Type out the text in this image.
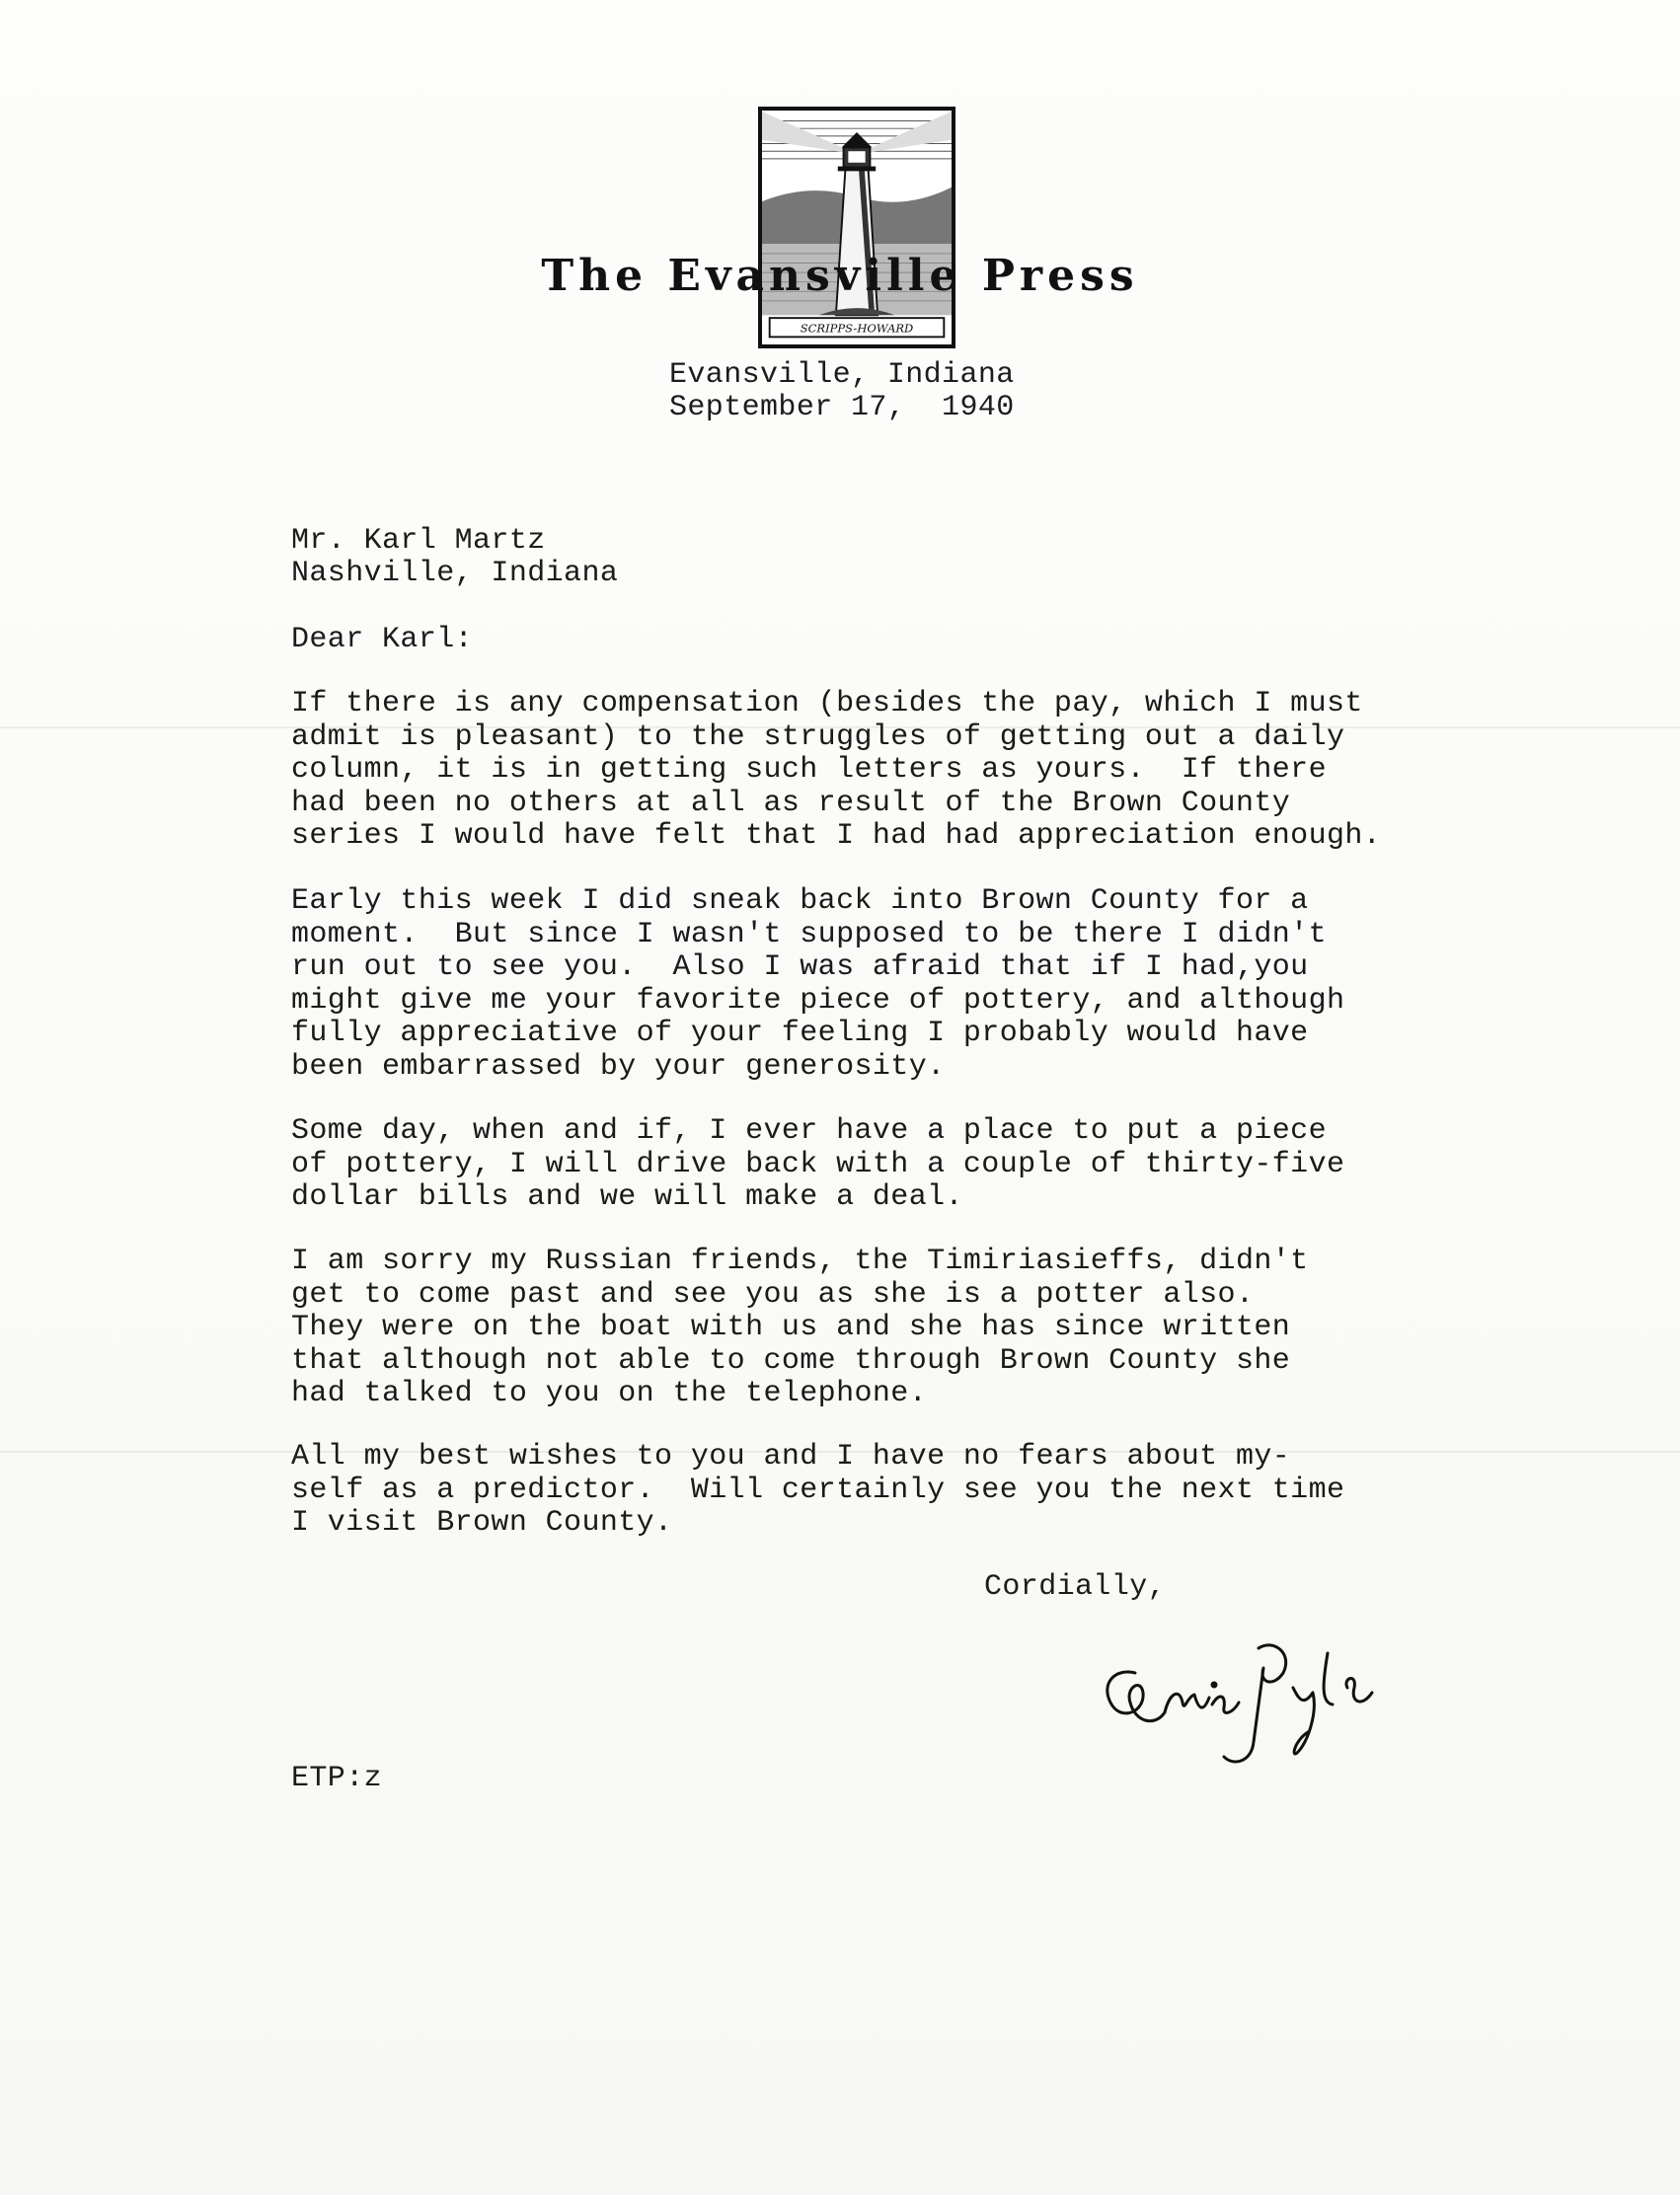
SCRIPPS-HOWARD
The Evansville Press
Evansville, Indiana
September 17,  1940
Mr. Karl Martz
Nashville, Indiana
Dear Karl:
If there is any compensation (besides the pay, which I must
admit is pleasant) to the struggles of getting out a daily
column, it is in getting such letters as yours.  If there
had been no others at all as result of the Brown County
series I would have felt that I had had appreciation enough.
Early this week I did sneak back into Brown County for a
moment.  But since I wasn't supposed to be there I didn't
run out to see you.  Also I was afraid that if I had,you
might give me your favorite piece of pottery, and although
fully appreciative of your feeling I probably would have
been embarrassed by your generosity.
Some day, when and if, I ever have a place to put a piece
of pottery, I will drive back with a couple of thirty-five
dollar bills and we will make a deal.
I am sorry my Russian friends, the Timiriasieffs, didn't
get to come past and see you as she is a potter also.
They were on the boat with us and she has since written
that although not able to come through Brown County she
had talked to you on the telephone.
All my best wishes to you and I have no fears about my-
self as a predictor.  Will certainly see you the next time
I visit Brown County.
Cordially,
ETP:z
